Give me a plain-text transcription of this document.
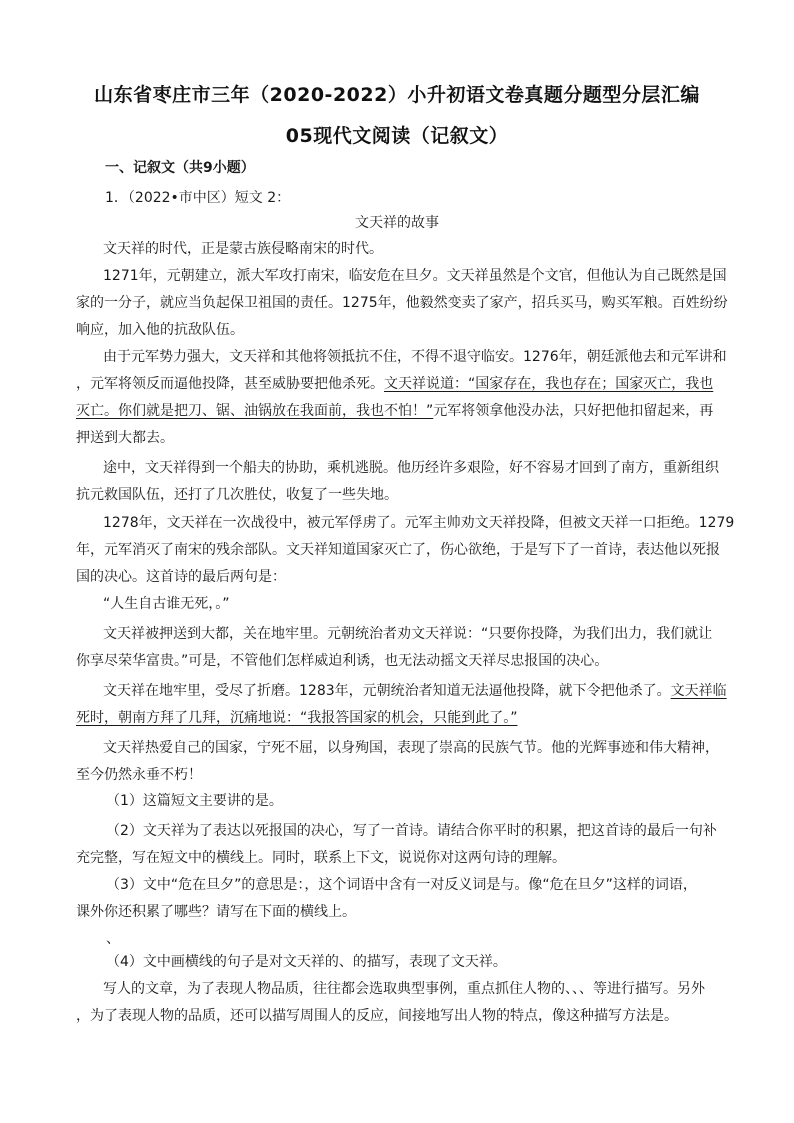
山东省枣庄市三年（2020-2022）小升初语文卷真题分题型分层汇编
05现代文阅读（记叙文）
一、记叙文（共9小题）
1．（2022•市中区）短文 2：
文天祥的故事
文天祥的时代，正是蒙古族侵略南宋的时代。
1271年，元朝建立，派大军攻打南宋，临安危在旦夕。文天祥虽然是个文官，但他认为自己既然是国
家的一分子，就应当负起保卫祖国的责任。1275年，他毅然变卖了家产，招兵买马，购买军粮。百姓纷纷
响应，加入他的抗敌队伍。
由于元军势力强大，文天祥和其他将领抵抗不住，不得不退守临安。1276年，朝廷派他去和元军讲和
，元军将领反而逼他投降，甚至威胁要把他杀死。文天祥说道：“国家存在，我也存在；国家灭亡，我也
灭亡。你们就是把刀、锯、油锅放在我面前，我也不怕！”元军将领拿他没办法，只好把他扣留起来，再
押送到大都去。
途中，文天祥得到一个船夫的协助，乘机逃脱。他历经许多艰险，好不容易才回到了南方，重新组织
抗元救国队伍，还打了几次胜仗，收复了一些失地。
1278年，文天祥在一次战役中，被元军俘虏了。元军主帅劝文天祥投降，但被文天祥一口拒绝。1279
年，元军消灭了南宋的残余部队。文天祥知道国家灭亡了，伤心欲绝，于是写下了一首诗，表达他以死报
国的决心。这首诗的最后两句是：
“人生自古谁无死，。”
文天祥被押送到大都，关在地牢里。元朝统治者劝文天祥说：“只要你投降，为我们出力，我们就让
你享尽荣华富贵。”可是，不管他们怎样威迫利诱，也无法动摇文天祥尽忠报国的决心。
文天祥在地牢里，受尽了折磨。1283年，元朝统治者知道无法逼他投降，就下令把他杀了。文天祥临
死时，朝南方拜了几拜，沉痛地说：“我报答国家的机会，只能到此了。”
文天祥热爱自己的国家，宁死不屈，以身殉国，表现了崇高的民族气节。他的光辉事迹和伟大精神，
至今仍然永垂不朽！
（1）这篇短文主要讲的是。
（2）文天祥为了表达以死报国的决心，写了一首诗。请结合你平时的积累，把这首诗的最后一句补
充完整，写在短文中的横线上。同时，联系上下文，说说你对这两句诗的理解。
（3）文中“危在旦夕”的意思是：，这个词语中含有一对反义词是与。像“危在旦夕”这样的词语，
课外你还积累了哪些？请写在下面的横线上。
、
（4）文中画横线的句子是对文天祥的、的描写，表现了文天祥。
写人的文章，为了表现人物品质，往往都会选取典型事例，重点抓住人物的、、、等进行描写。另外
，为了表现人物的品质，还可以描写周围人的反应，间接地写出人物的特点，像这种描写方法是。
